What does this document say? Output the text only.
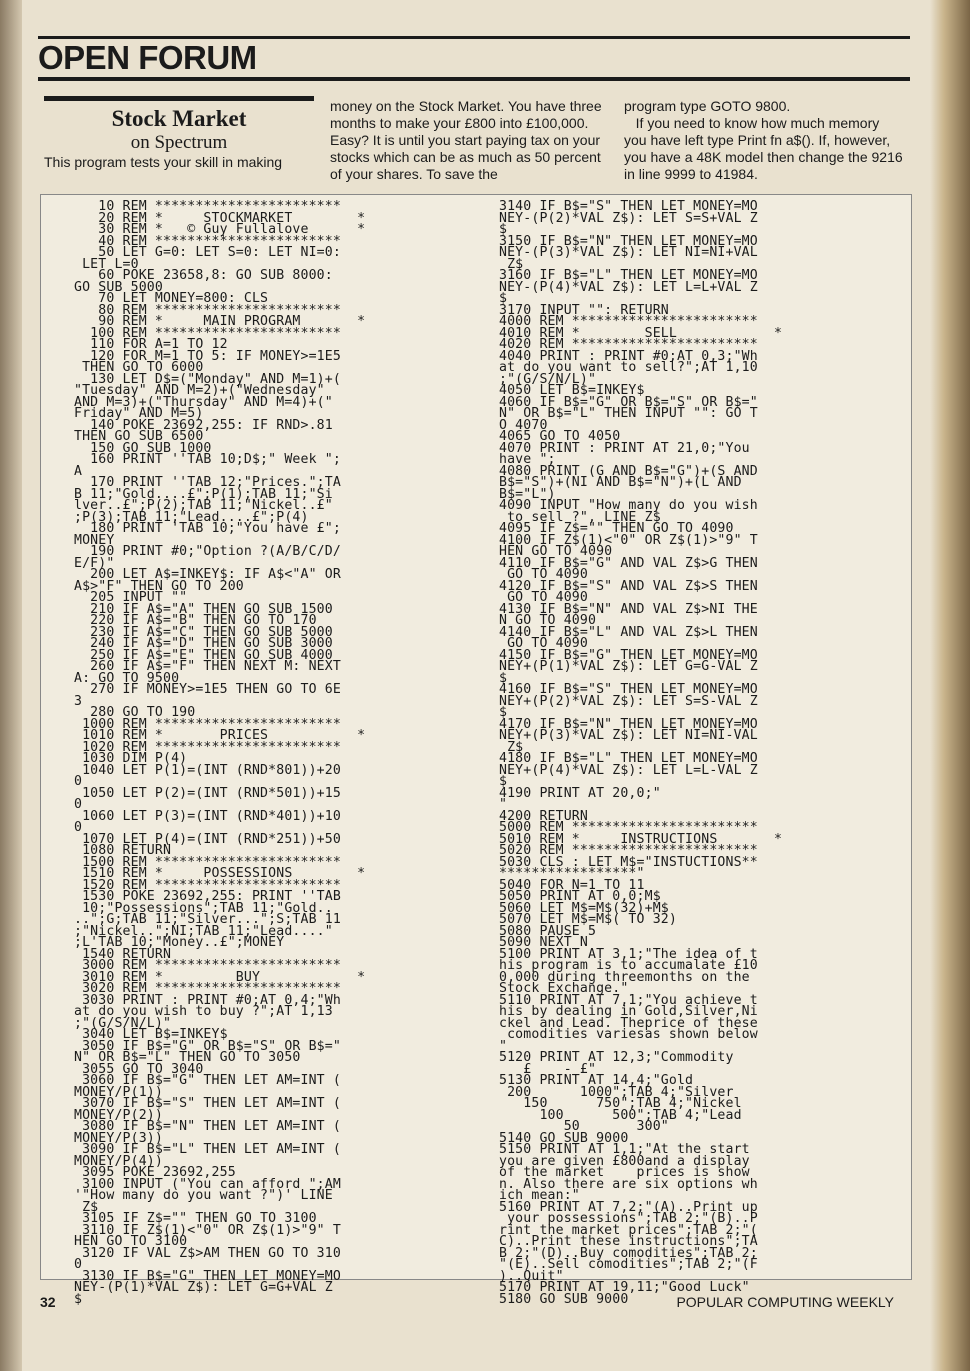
OPEN FORUM
Stock Market
on Spectrum
This program tests your skill in making
money on the Stock Market. You have three months to make your £800 into £100,000. Easy? It is until you start paying tax on your stocks which can be as much as 50 percent of your shares. To save the
program type GOTO 9800.
If you need to know how much memory you have left type Print fn a$(). If, however, you have a 48K model then change the 9216 in line 9999 to 41984.
10 REM ***********************
20 REM *     STOCKMARKET        *
30 REM *   © Guy Fullalove      *
40 REM ***********************
50 LET G=0: LET S=0: LET NI=0:
LET L=0
60 POKE 23658,8: GO SUB 8000:
GO SUB 5000
70 LET MONEY=800: CLS
80 REM ***********************
90 REM *     MAIN PROGRAM       *
100 REM ***********************
110 FOR A=1 TO 12
120 FOR M=1 TO 5: IF MONEY>=1E5
THEN GO TO 6000
130 LET D$=("Monday" AND M=1)+(
"Tuesday" AND M=2)+("Wednesday"
AND M=3)+("Thursday" AND M=4)+("
Friday" AND M=5)
140 POKE 23692,255: IF RND>.81
THEN GO SUB 6500
150 GO SUB 1000
160 PRINT ''TAB 10;D$;" Week ";
A
170 PRINT ''TAB 12;"Prices.";TA
B 11;"Gold....£";P(1);TAB 11;"Si
lver..£";P(2);TAB 11;"Nickel..£"
;P(3);TAB 11;"Lead....£";P(4)
180 PRINT 'TAB 10;"You have £";
MONEY
190 PRINT #0;"Option ?(A/B/C/D/
E/F)"
200 LET A$=INKEY$: IF A$<"A" OR
A$>"F" THEN GO TO 200
205 INPUT ""
210 IF A$="A" THEN GO SUB 1500
220 IF A$="B" THEN GO TO 170
230 IF A$="C" THEN GO SUB 5000
240 IF A$="D" THEN GO SUB 3000
250 IF A$="E" THEN GO SUB 4000
260 IF A$="F" THEN NEXT M: NEXT
A: GO TO 9500
270 IF MONEY>=1E5 THEN GO TO 6E
3
280 GO TO 190
1000 REM ***********************
1010 REM *       PRICES           *
1020 REM ***********************
1030 DIM P(4)
1040 LET P(1)=(INT (RND*801))+20
0
1050 LET P(2)=(INT (RND*501))+15
0
1060 LET P(3)=(INT (RND*401))+10
0
1070 LET P(4)=(INT (RND*251))+50
1080 RETURN
1500 REM ***********************
1510 REM *     POSSESSIONS        *
1520 REM ***********************
1530 POKE 23692,255: PRINT ''TAB
10;"Possessions";TAB 11;"Gold..
..";G;TAB 11;"Silver...";S;TAB 11
;"Nickel..";NI;TAB 11;"Lead...."
;L'TAB 10;"Money..£";MONEY
1540 RETURN
3000 REM ***********************
3010 REM *         BUY            *
3020 REM ***********************
3030 PRINT : PRINT #0;AT 0,4;"Wh
at do you wish to buy ?";AT 1,13
;"(G/S/N/L)"
3040 LET B$=INKEY$
3050 IF B$="G" OR B$="S" OR B$="
N" OR B$="L" THEN GO TO 3050
3055 GO TO 3040
3060 IF B$="G" THEN LET AM=INT (
MONEY/P(1))
3070 IF B$="S" THEN LET AM=INT (
MONEY/P(2))
3080 IF B$="N" THEN LET AM=INT (
MONEY/P(3))
3090 IF B$="L" THEN LET AM=INT (
MONEY/P(4))
3095 POKE 23692,255
3100 INPUT ("You can afford ";AM
'"How many do you want ?")' LINE
Z$
3105 IF Z$="" THEN GO TO 3100
3110 IF Z$(1)<"0" OR Z$(1)>"9" T
HEN GO TO 3100
3120 IF VAL Z$>AM THEN GO TO 310
0
3130 IF B$="G" THEN LET MONEY=MO
NEY-(P(1)*VAL Z$): LET G=G+VAL Z
$
3140 IF B$="S" THEN LET MONEY=MO
NEY-(P(2)*VAL Z$): LET S=S+VAL Z
$
3150 IF B$="N" THEN LET MONEY=MO
NEY-(P(3)*VAL Z$): LET NI=NI+VAL
Z$
3160 IF B$="L" THEN LET MONEY=MO
NEY-(P(4)*VAL Z$): LET L=L+VAL Z
$
3170 INPUT "": RETURN
4000 REM ***********************
4010 REM *        SELL            *
4020 REM ***********************
4040 PRINT : PRINT #0;AT 0,3;"Wh
at do you want to sell?";AT 1,10
;"(G/S/N/L)"
4050 LET B$=INKEY$
4060 IF B$="G" OR B$="S" OR B$="
N" OR B$="L" THEN INPUT "": GO T
O 4070
4065 GO TO 4050
4070 PRINT : PRINT AT 21,0;"You
have ";
4080 PRINT (G AND B$="G")+(S AND
B$="S")+(NI AND B$="N")+(L AND
B$="L")
4090 INPUT "How many do you wish
to sell ?", LINE Z$
4095 IF Z$="" THEN GO TO 4090
4100 IF Z$(1)<"0" OR Z$(1)>"9" T
HEN GO TO 4090
4110 IF B$="G" AND VAL Z$>G THEN
GO TO 4090
4120 IF B$="S" AND VAL Z$>S THEN
GO TO 4090
4130 IF B$="N" AND VAL Z$>NI THE
N GO TO 4090
4140 IF B$="L" AND VAL Z$>L THEN
GO TO 4090
4150 IF B$="G" THEN LET MONEY=MO
NEY+(P(1)*VAL Z$): LET G=G-VAL Z
$
4160 IF B$="S" THEN LET MONEY=MO
NEY+(P(2)*VAL Z$): LET S=S-VAL Z
$
4170 IF B$="N" THEN LET MONEY=MO
NEY+(P(3)*VAL Z$): LET NI=NI-VAL
Z$
4180 IF B$="L" THEN LET MONEY=MO
NEY+(P(4)*VAL Z$): LET L=L-VAL Z
$
4190 PRINT AT 20,0;"
"
4200 RETURN
5000 REM ***********************
5010 REM *     INSTRUCTIONS       *
5020 REM ***********************
5030 CLS : LET M$="INSTUCTIONS**
*****************"
5040 FOR N=1 TO 11
5050 PRINT AT 0,0;M$
5060 LET M$=M$(32)+M$
5070 LET M$=M$( TO 32)
5080 PAUSE 5
5090 NEXT N
5100 PRINT AT 3,1;"The idea of t
his program is to accumalate £10
0,000 during threemonths on the
Stock Exchange."
5110 PRINT AT 7,1;"You achieve t
his by dealing in Gold,Silver,Ni
ckel and Lead. Theprice of these
comodities variesas shown below
"
5120 PRINT AT 12,3;"Commodity
£    - £"
5130 PRINT AT 14,4;"Gold
200      1000";TAB 4;"Silver
150      750";TAB 4;"Nickel
100      500";TAB 4;"Lead
50       300"
5140 GO SUB 9000
5150 PRINT AT 1,1;"At the start
you are given £800and a display
of the market    prices is show
n. Also there are six options wh
ich mean:"
5160 PRINT AT 7,2;"(A)..Print up
your possessions";TAB 2;"(B)..P
rint the market prices";TAB 2;"(
C)..Print these instructions";TA
B 2;"(D)..Buy comodities";TAB 2;
"(E)..Sell comodities";TAB 2;"(F
)..Quit"
5170 PRINT AT 19,11;"Good Luck"
5180 GO SUB 9000
32	POPULAR COMPUTING WEEKLY
